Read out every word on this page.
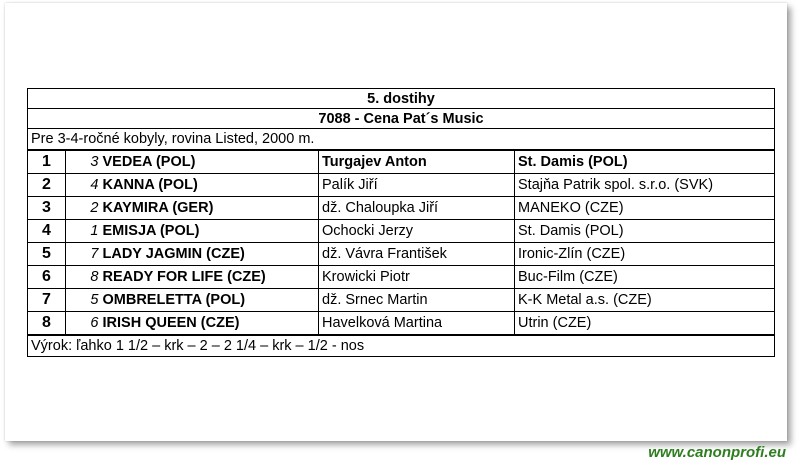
5. dostihy				
7088 - Cena Pat´s Music				
Pre 3-4-ročné kobyly, rovina Listed, 2000 m.				
1	3	VEDEA (POL)	Turgajev Anton	St. Damis (POL)
2	4	KANNA (POL)	Palík Jiří	Stajňa Patrik spol. s.r.o. (SVK)
3	2	KAYMIRA (GER)	dž. Chaloupka Jiří	MANEKO (CZE)
4	1	EMISJA (POL)	Ochocki Jerzy	St. Damis (POL)
5	7	LADY JAGMIN (CZE)	dž. Vávra František	Ironic-Zlín (CZE)
6	8	READY FOR LIFE (CZE)	Krowicki Piotr	Buc-Film (CZE)
7	5	OMBRELETTA (POL)	dž. Srnec Martin	K-K Metal a.s. (CZE)
8	6	IRISH QUEEN (CZE)	Havelková Martina	Utrin (CZE)
Výrok: ľahko 1 1/2 – krk – 2 – 2 1/4 – krk – 1/2 - nos				
www.canonprofi.eu
